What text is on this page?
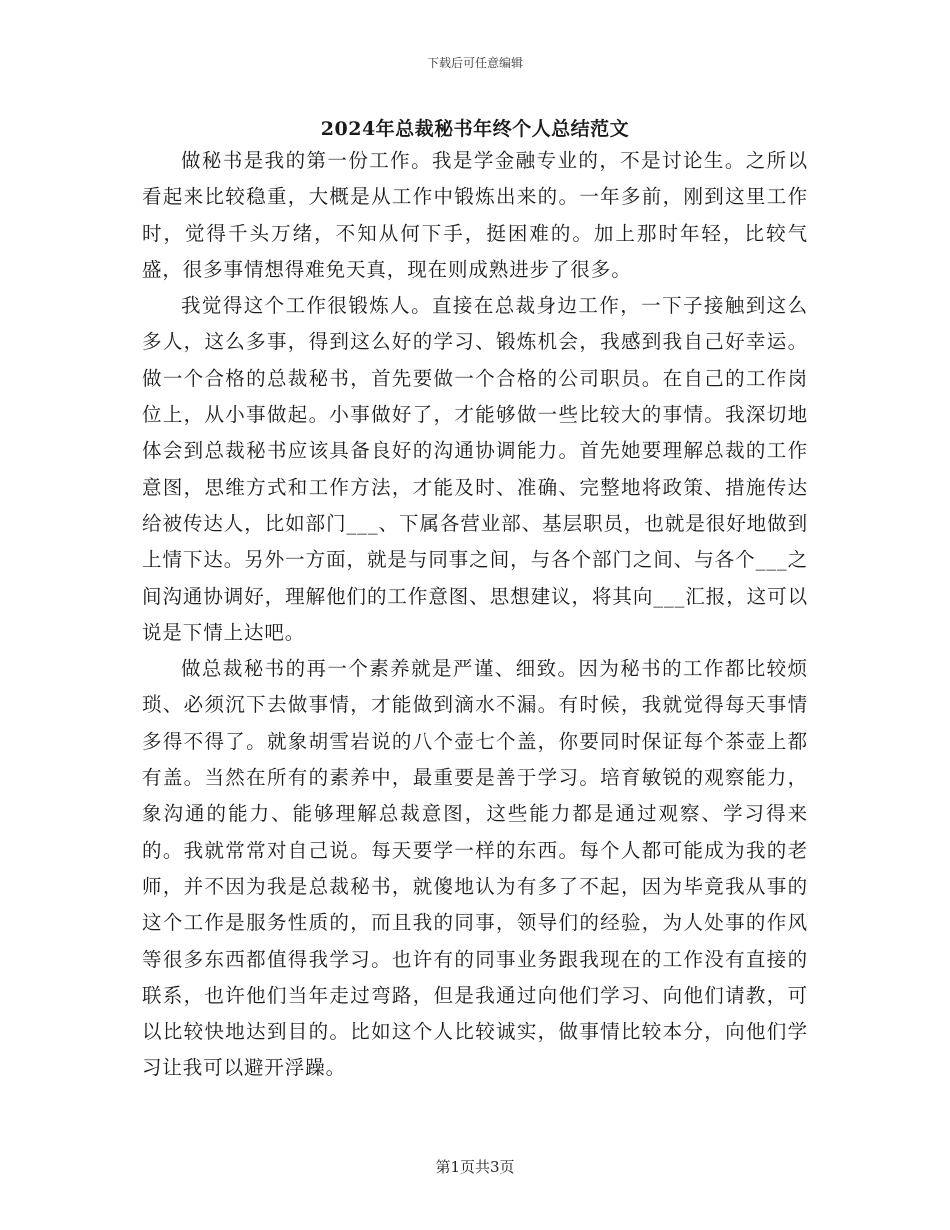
下载后可任意编辑
2024年总裁秘书年终个人总结范文

做秘书是我的第一份工作。我是学金融专业的，不是讨论生。之所以看起来比较稳重，大概是从工作中锻炼出来的。一年多前，刚到这里工作时，觉得千头万绪，不知从何下手，挺困难的。加上那时年轻，比较气盛，很多事情想得难免天真，现在则成熟进步了很多。

我觉得这个工作很锻炼人。直接在总裁身边工作，一下子接触到这么多人，这么多事，得到这么好的学习、锻炼机会，我感到我自己好幸运。做一个合格的总裁秘书，首先要做一个合格的公司职员。在自己的工作岗位上，从小事做起。小事做好了，才能够做一些比较大的事情。我深切地体会到总裁秘书应该具备良好的沟通协调能力。首先她要理解总裁的工作意图，思维方式和工作方法，才能及时、准确、完整地将政策、措施传达给被传达人，比如部门___、下属各营业部、基层职员，也就是很好地做到上情下达。另外一方面，就是与同事之间，与各个部门之间、与各个___之间沟通协调好，理解他们的工作意图、思想建议，将其向___汇报，这可以说是下情上达吧。

做总裁秘书的再一个素养就是严谨、细致。因为秘书的工作都比较烦琐、必须沉下去做事情，才能做到滴水不漏。有时候，我就觉得每天事情多得不得了。就象胡雪岩说的八个壶七个盖，你要同时保证每个茶壶上都有盖。当然在所有的素养中，最重要是善于学习。培育敏锐的观察能力，象沟通的能力、能够理解总裁意图，这些能力都是通过观察、学习得来的。我就常常对自己说。每天要学一样的东西。每个人都可能成为我的老师，并不因为我是总裁秘书，就傻地认为有多了不起，因为毕竟我从事的这个工作是服务性质的，而且我的同事，领导们的经验，为人处事的作风等很多东西都值得我学习。也许有的同事业务跟我现在的工作没有直接的联系，也许他们当年走过弯路，但是我通过向他们学习、向他们请教，可以比较快地达到目的。比如这个人比较诚实，做事情比较本分，向他们学习让我可以避开浮躁。

第1页共3页
